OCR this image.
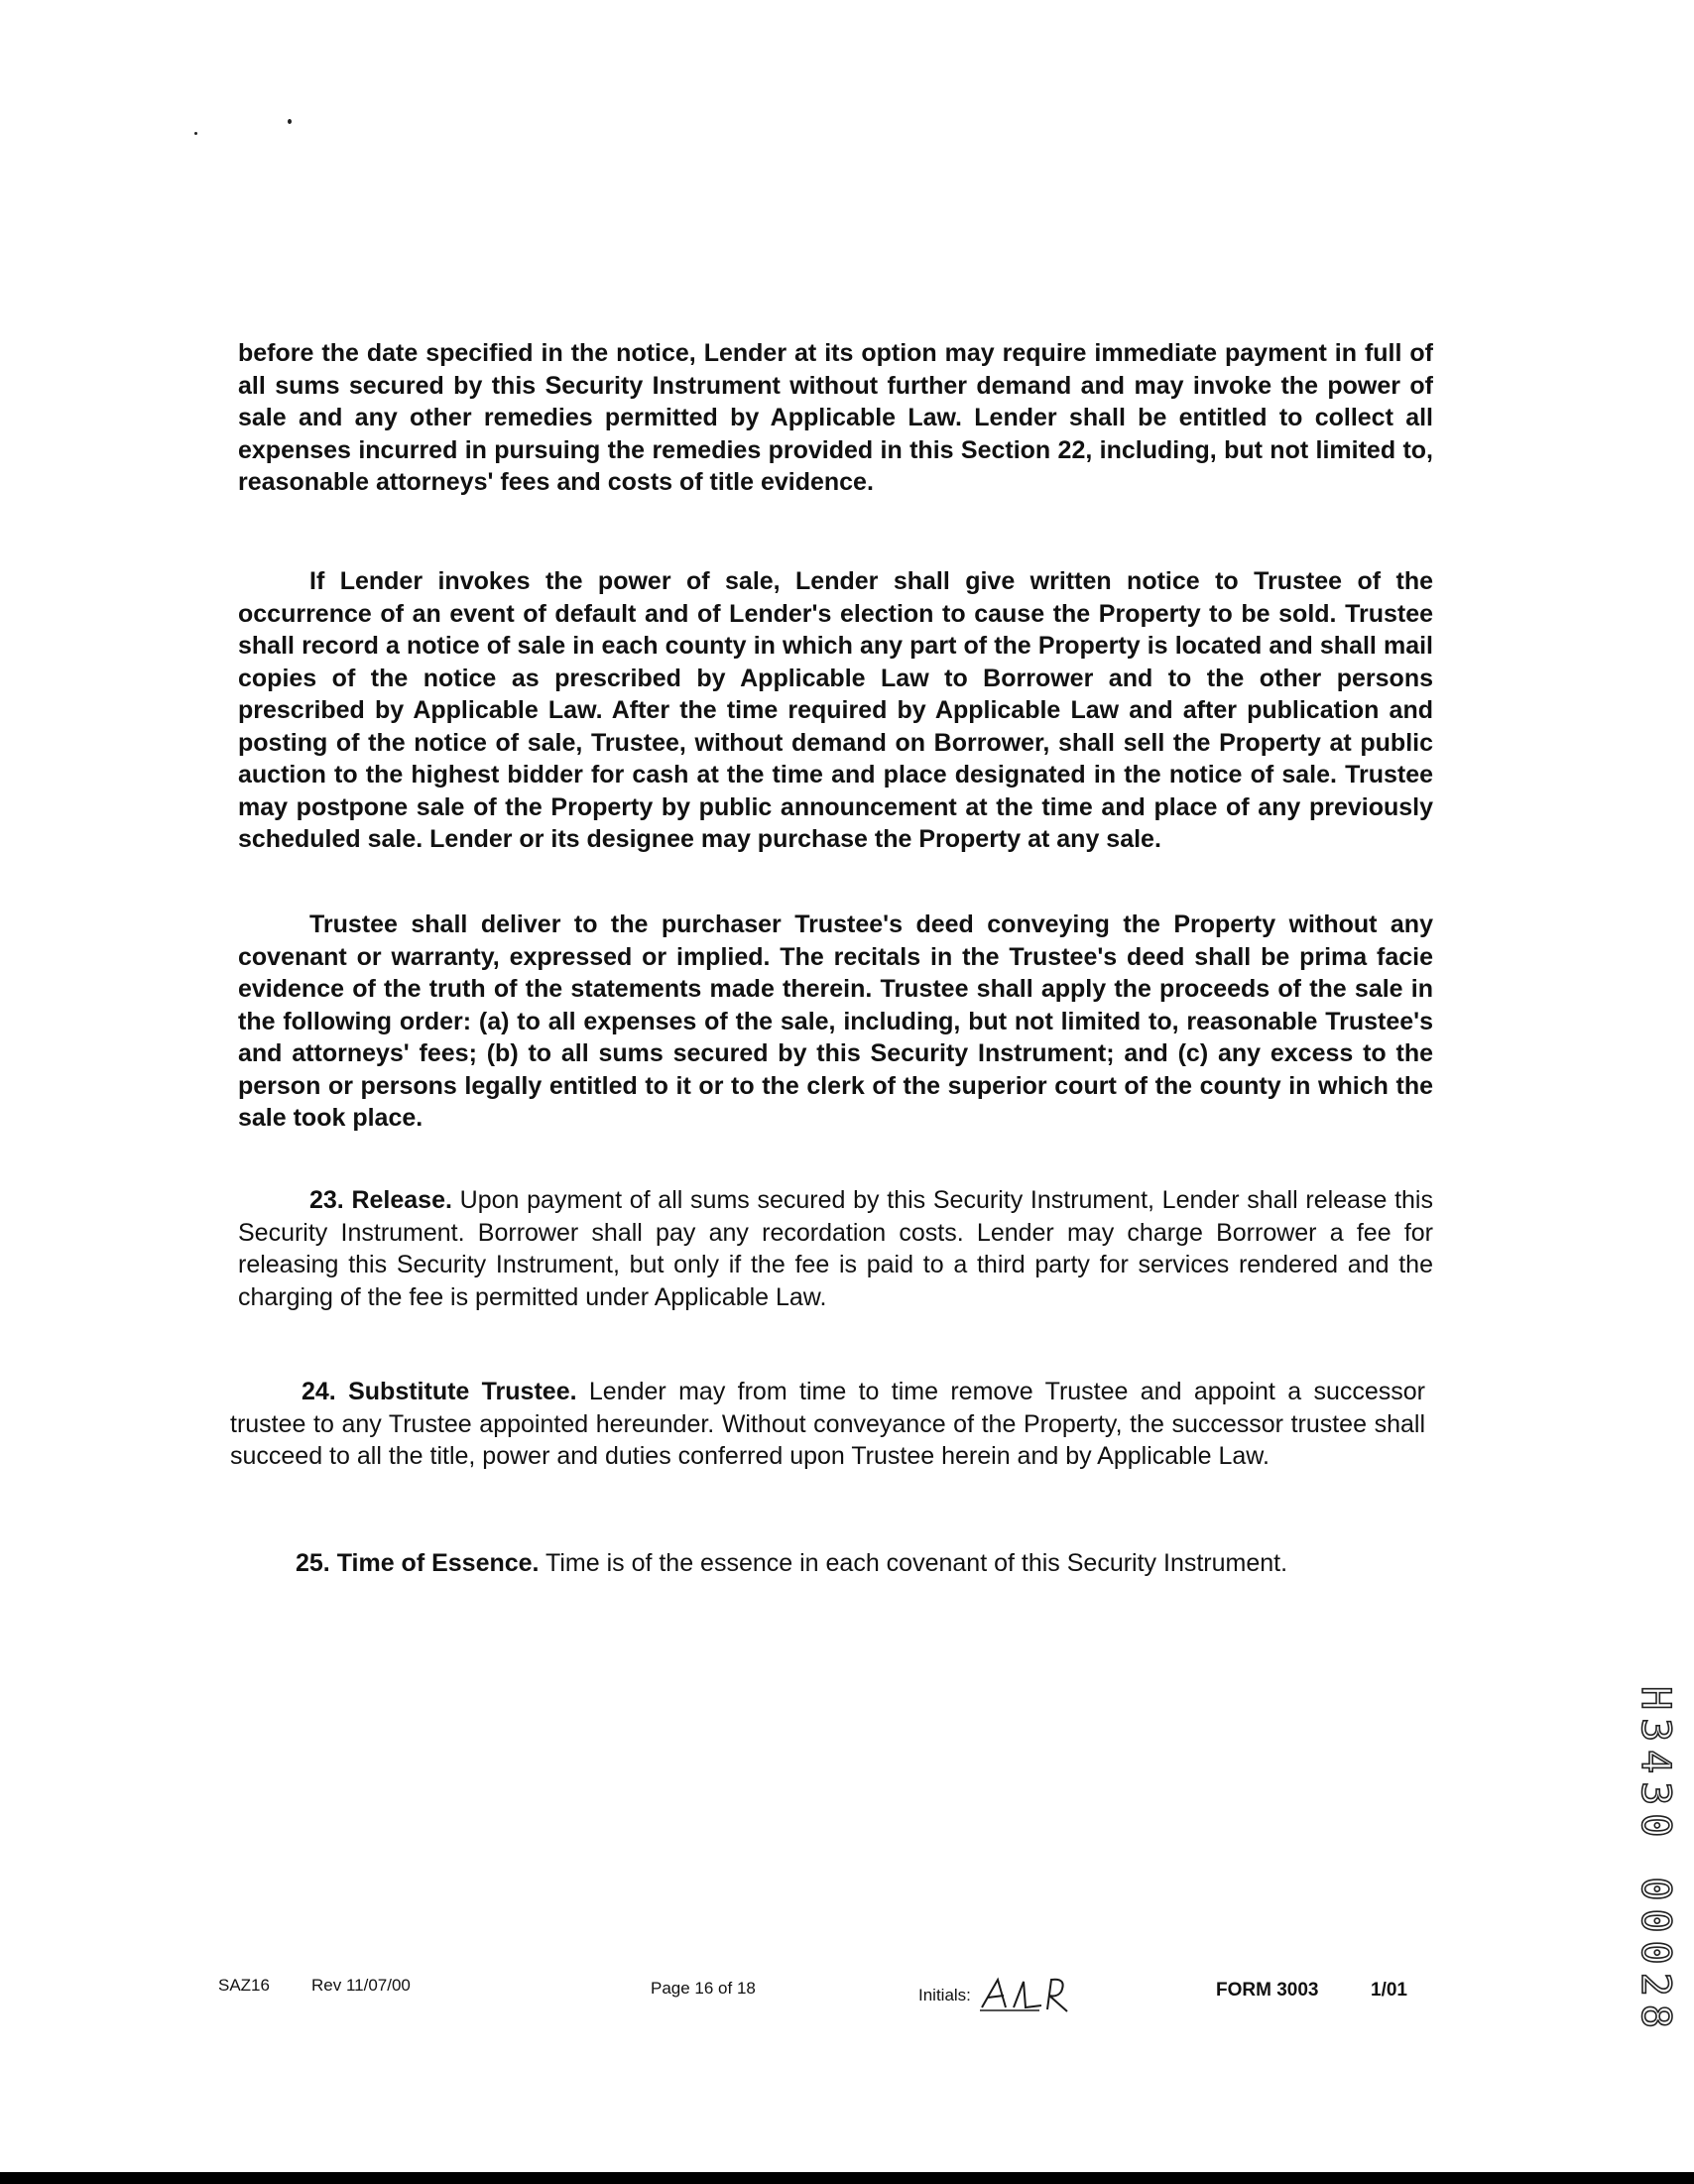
before the date specified in the notice, Lender at its option may require immediate payment in full of all sums secured by this Security Instrument without further demand and may invoke the power of sale and any other remedies permitted by Applicable Law. Lender shall be entitled to collect all expenses incurred in pursuing the remedies provided in this Section 22, including, but not limited to, reasonable attorneys' fees and costs of title evidence.

If Lender invokes the power of sale, Lender shall give written notice to Trustee of the occurrence of an event of default and of Lender's election to cause the Property to be sold. Trustee shall record a notice of sale in each county in which any part of the Property is located and shall mail copies of the notice as prescribed by Applicable Law to Borrower and to the other persons prescribed by Applicable Law. After the time required by Applicable Law and after publication and posting of the notice of sale, Trustee, without demand on Borrower, shall sell the Property at public auction to the highest bidder for cash at the time and place designated in the notice of sale. Trustee may postpone sale of the Property by public announcement at the time and place of any previously scheduled sale. Lender or its designee may purchase the Property at any sale.

Trustee shall deliver to the purchaser Trustee's deed conveying the Property without any covenant or warranty, expressed or implied. The recitals in the Trustee's deed shall be prima facie evidence of the truth of the statements made therein. Trustee shall apply the proceeds of the sale in the following order: (a) to all expenses of the sale, including, but not limited to, reasonable Trustee's and attorneys' fees; (b) to all sums secured by this Security Instrument; and (c) any excess to the person or persons legally entitled to it or to the clerk of the superior court of the county in which the sale took place.

23. Release. Upon payment of all sums secured by this Security Instrument, Lender shall release this Security Instrument. Borrower shall pay any recordation costs. Lender may charge Borrower a fee for releasing this Security Instrument, but only if the fee is paid to a third party for services rendered and the charging of the fee is permitted under Applicable Law.

24. Substitute Trustee. Lender may from time to time remove Trustee and appoint a successor trustee to any Trustee appointed hereunder. Without conveyance of the Property, the successor trustee shall succeed to all the title, power and duties conferred upon Trustee herein and by Applicable Law.

25. Time of Essence. Time is of the essence in each covenant of this Security Instrument.

H3430 00028
SAZ16 Rev 11/07/00	Page 16 of 18	Initials:	FORM 3003	1/01
